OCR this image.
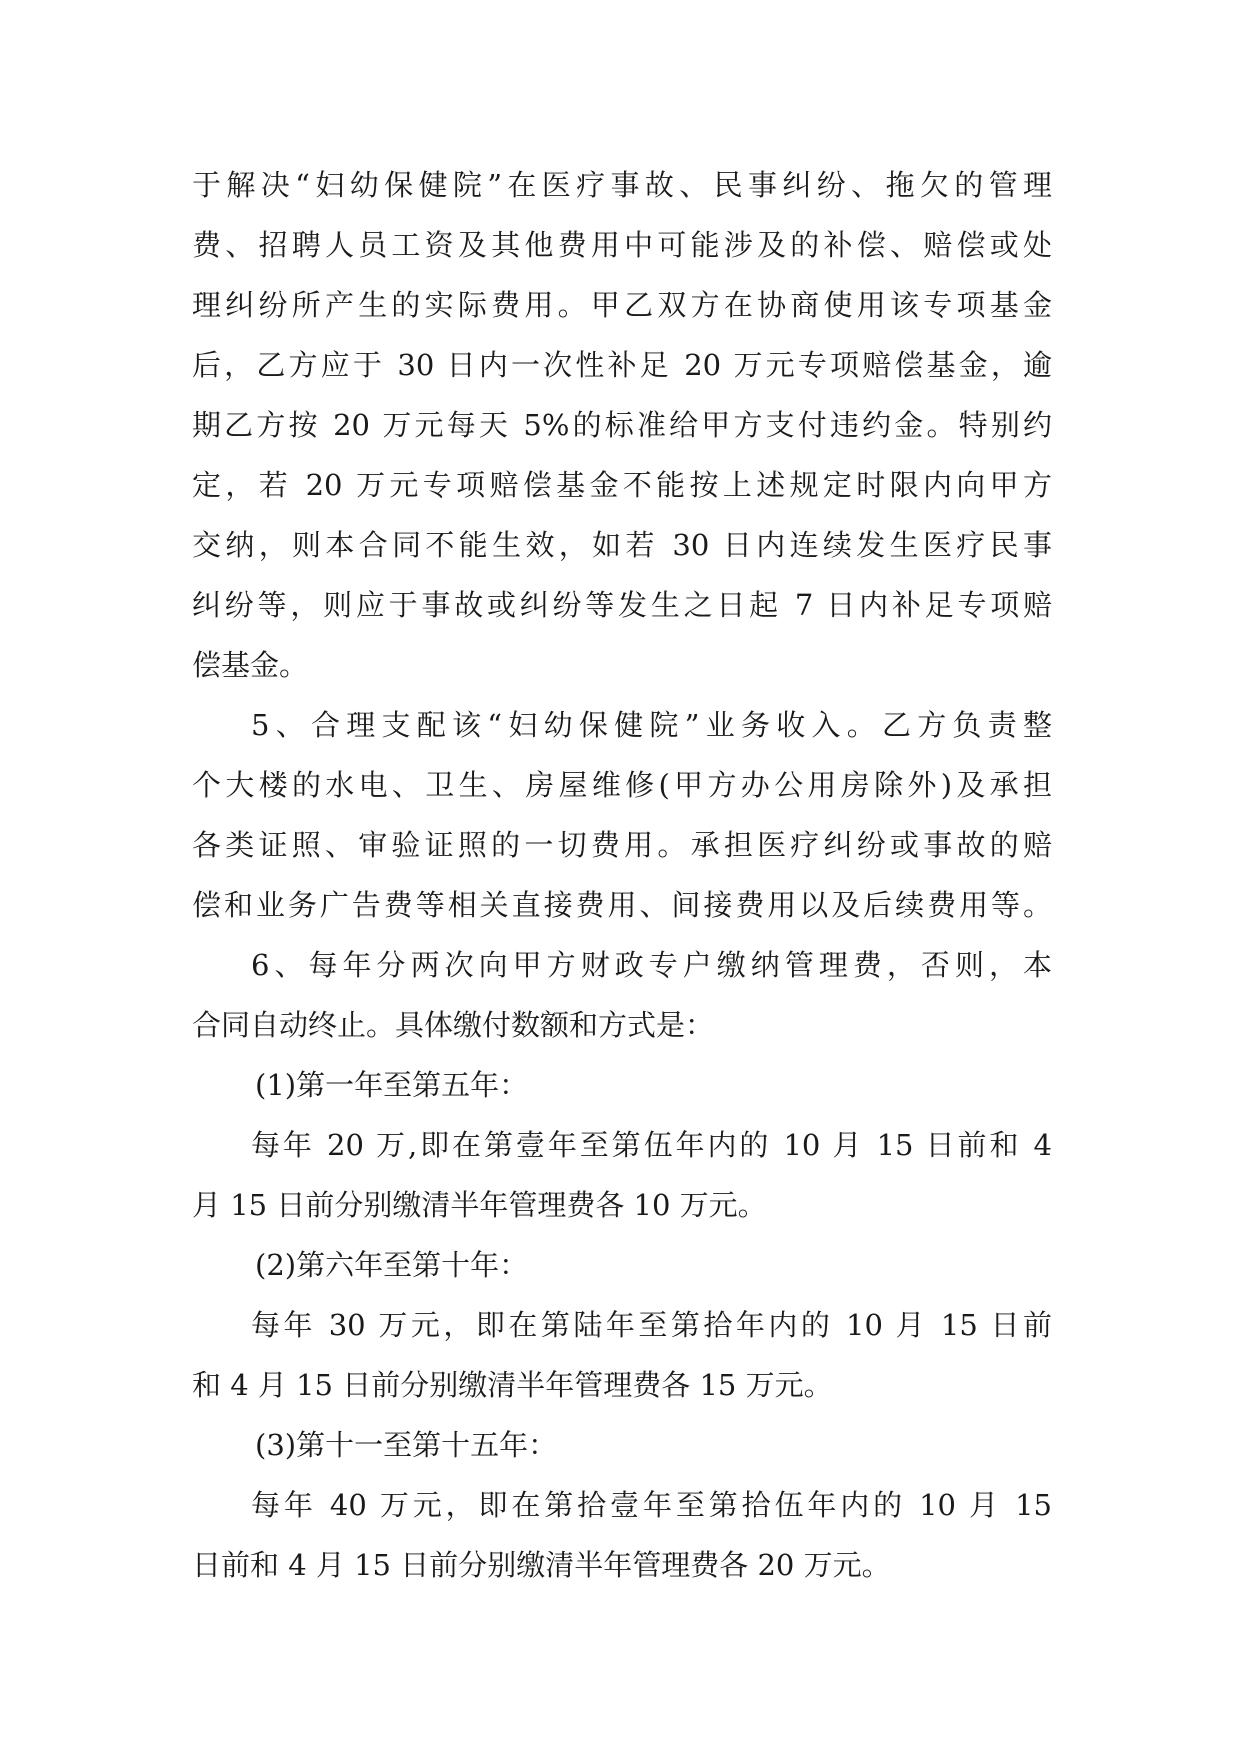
于解决“妇幼保健院”在医疗事故、民事纠纷、拖欠的管理
费、招聘人员工资及其他费用中可能涉及的补偿、赔偿或处
理纠纷所产生的实际费用。甲乙双方在协商使用该专项基金
后，乙方应于 30 日内一次性补足 20 万元专项赔偿基金，逾
期乙方按 20 万元每天 5%的标准给甲方支付违约金。特别约
定，若 20 万元专项赔偿基金不能按上述规定时限内向甲方
交纳，则本合同不能生效，如若 30 日内连续发生医疗民事
纠纷等，则应于事故或纠纷等发生之日起 7 日内补足专项赔
偿基金。
5、合理支配该“妇幼保健院”业务收入。乙方负责整
个大楼的水电、卫生、房屋维修(甲方办公用房除外)及承担
各类证照、审验证照的一切费用。承担医疗纠纷或事故的赔
偿和业务广告费等相关直接费用、间接费用以及后续费用等。
6、每年分两次向甲方财政专户缴纳管理费，否则，本
合同自动终止。具体缴付数额和方式是：
(1)第一年至第五年：
每年 20 万,即在第壹年至第伍年内的 10 月 15 日前和 4
月 15 日前分别缴清半年管理费各 10 万元。
(2)第六年至第十年：
每年 30 万元，即在第陆年至第拾年内的 10 月 15 日前
和 4 月 15 日前分别缴清半年管理费各 15 万元。
(3)第十一至第十五年：
每年 40 万元，即在第拾壹年至第拾伍年内的 10 月 15
日前和 4 月 15 日前分别缴清半年管理费各 20 万元。
